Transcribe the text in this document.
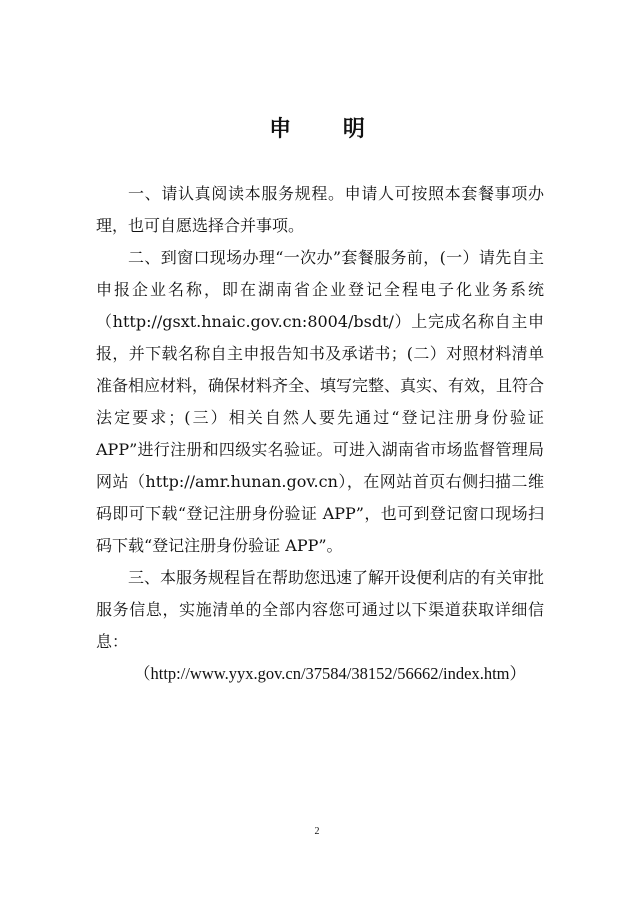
申 明

一、请认真阅读本服务规程。申请人可按照本套餐事项办理，也可自愿选择合并事项。

二、到窗口现场办理“一次办”套餐服务前，(一）请先自主申报企业名称，即在湖南省企业登记全程电子化业务系统（http://gsxt.hnaic.gov.cn:8004/bsdt/）上完成名称自主申报，并下载名称自主申报告知书及承诺书；(二）对照材料清单准备相应材料，确保材料齐全、填写完整、真实、有效，且符合法定要求；(三）相关自然人要先通过“登记注册身份验证 APP”进行注册和四级实名验证。可进入湖南省市场监督管理局网站（http://amr.hunan.gov.cn），在网站首页右侧扫描二维码即可下载“登记注册身份验证 APP”，也可到登记窗口现场扫码下载“登记注册身份验证 APP”。

三、本服务规程旨在帮助您迅速了解开设便利店的有关审批服务信息，实施清单的全部内容您可通过以下渠道获取详细信息：

（http://www.yyx.gov.cn/37584/38152/56662/index.htm）

2
